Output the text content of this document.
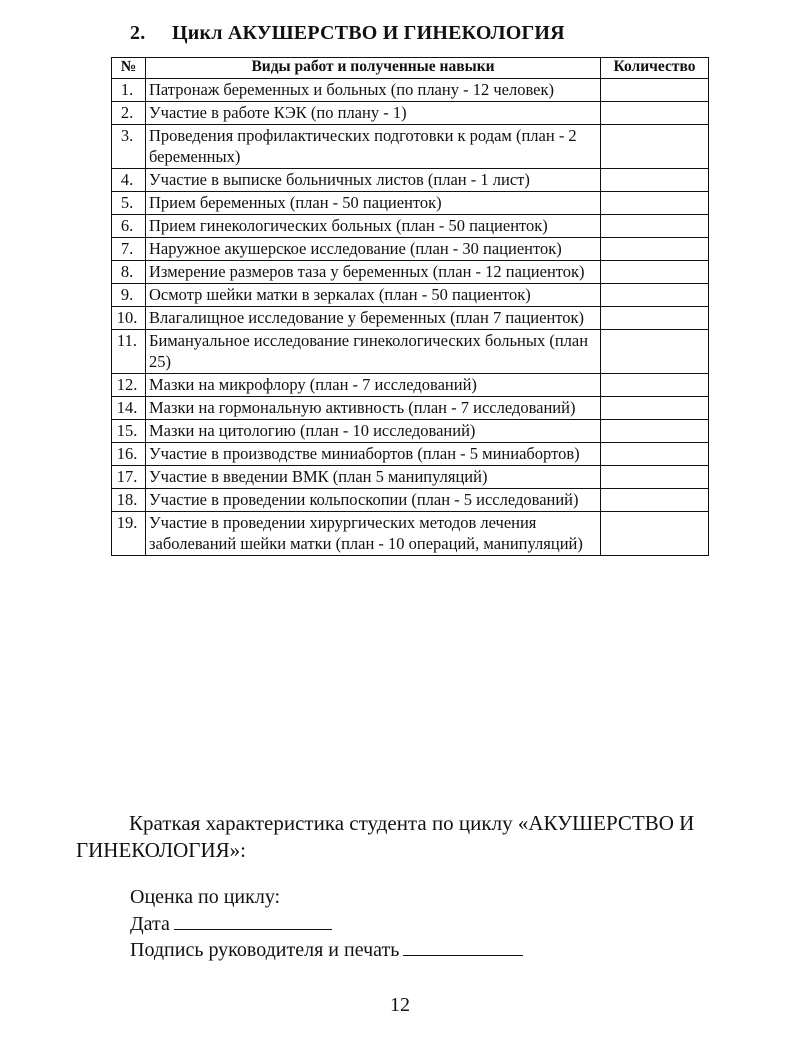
2. Цикл АКУШЕРСТВО И ГИНЕКОЛОГИЯ
№	Виды работ и полученные навыки	Количество
1.	Патронаж беременных и больных (по плану - 12 человек)	
2.	Участие в работе КЭК (по плану - 1)	
3.	Проведения профилактических подготовки к родам (план - 2 беременных)	
4.	Участие в выписке больничных листов (план - 1 лист)	
5.	Прием беременных (план - 50 пациенток)	
6.	Прием гинекологических больных (план - 50 пациенток)	
7.	Наружное акушерское исследование (план - 30 пациенток)	
8.	Измерение размеров таза у беременных (план - 12 пациенток)	
9.	Осмотр шейки матки в зеркалах (план - 50 пациенток)	
10.	Влагалищное исследование у беременных (план 7 пациенток)	
11.	Бимануальное исследование гинекологических больных (план 25)	
12.	Мазки на микрофлору (план - 7 исследований)	
14.	Мазки на гормональную активность (план - 7 исследований)	
15.	Мазки на цитологию (план - 10 исследований)	
16.	Участие в производстве миниабортов (план - 5 миниабортов)	
17.	Участие в введении ВМК (план 5 манипуляций)	
18.	Участие в проведении кольпоскопии (план - 5 исследований)	
19.	Участие в проведении хирургических методов лечения заболеваний шейки матки (план - 10 операций, манипуляций)	
Краткая характеристика студента по циклу «АКУШЕРСТВО И ГИНЕКОЛОГИЯ»:
Оценка по циклу:
Дата
Подпись руководителя и печать
12
